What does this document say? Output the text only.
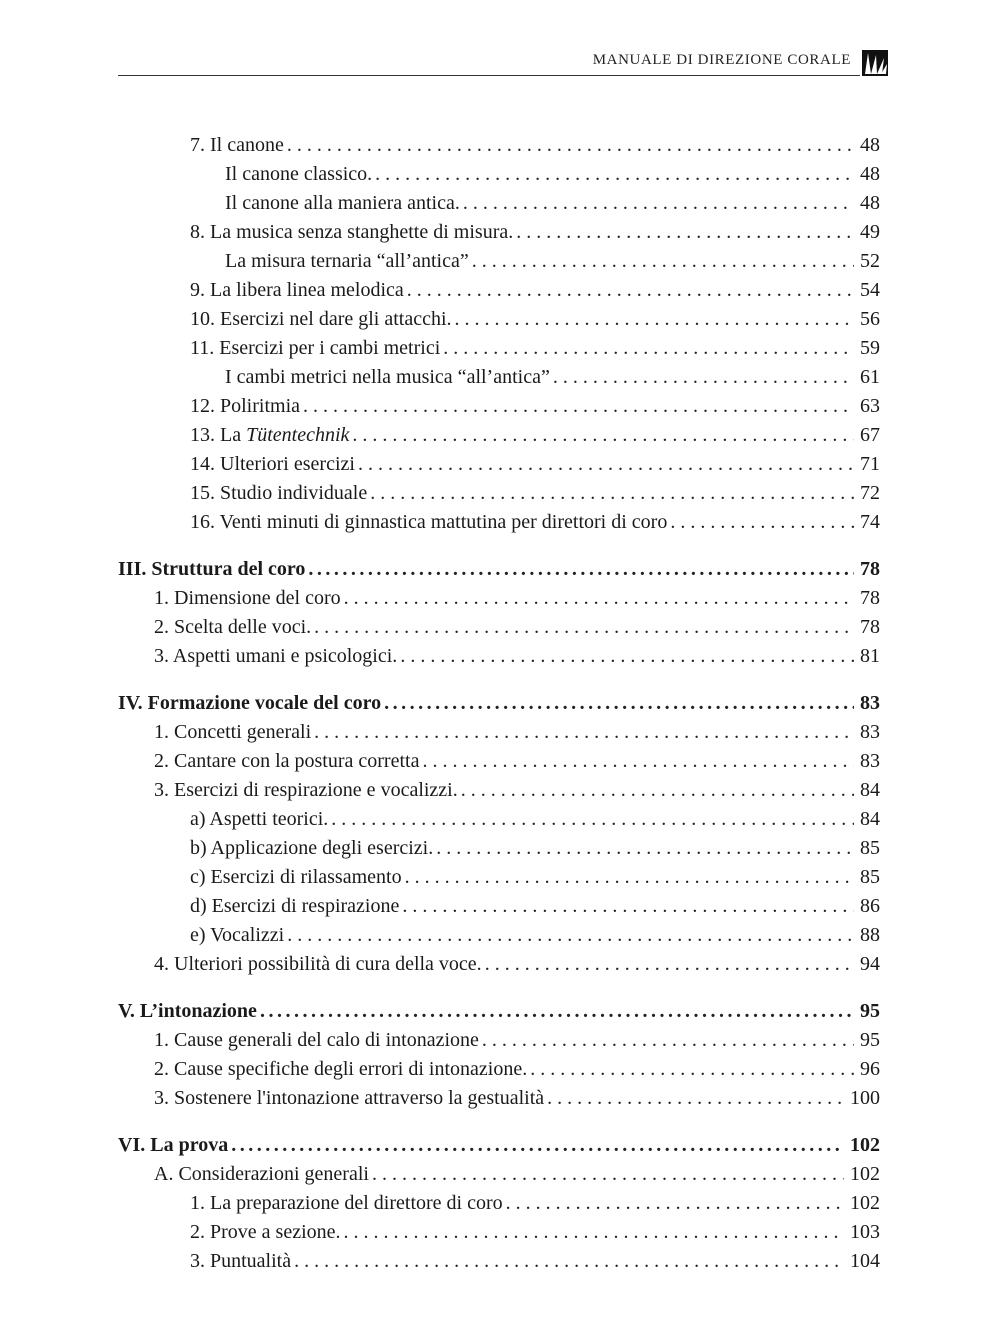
MANUALE DI DIREZIONE CORALE
7. Il canone . . .	48
Il canone classico. . . .	48
Il canone alla maniera antica. . . .	48
8. La musica senza stanghette di misura. . . .	49
La misura ternaria “all’antica” . . .	52
9. La libera linea melodica . . .	54
10. Esercizi nel dare gli attacchi. . . .	56
11. Esercizi per i cambi metrici . . .	59
I cambi metrici nella musica “all’antica” . . .	61
12. Poliritmia . . .	63
13. La Tütentechnik . . .	67
14. Ulteriori esercizi . . .	71
15. Studio individuale . . .	72
16. Venti minuti di ginnastica mattutina per direttori di coro . . .	74
III. Struttura del coro .....	78
1. Dimensione del coro . . .	78
2. Scelta delle voci. . . .	78
3. Aspetti umani e psicologici. . . .	81
IV. Formazione vocale del coro .....	83
1. Concetti generali . . .	83
2. Cantare con la postura corretta . . .	83
3. Esercizi di respirazione e vocalizzi. . . .	84
a) Aspetti teorici. . . .	84
b) Applicazione degli esercizi. . . .	85
c) Esercizi di rilassamento . . .	85
d) Esercizi di respirazione . . .	86
e) Vocalizzi . . .	88
4. Ulteriori possibilità di cura della voce. . . .	94
V. L’intonazione .....	95
1. Cause generali del calo di intonazione . . .	95
2. Cause specifiche degli errori di intonazione. . . .	96
3. Sostenere l'intonazione attraverso la gestualità . . .	100
VI. La prova .....	102
A. Considerazioni generali . . .	102
1. La preparazione del direttore di coro . . .	102
2. Prove a sezione. . . .	103
3. Puntualità . . .	104
